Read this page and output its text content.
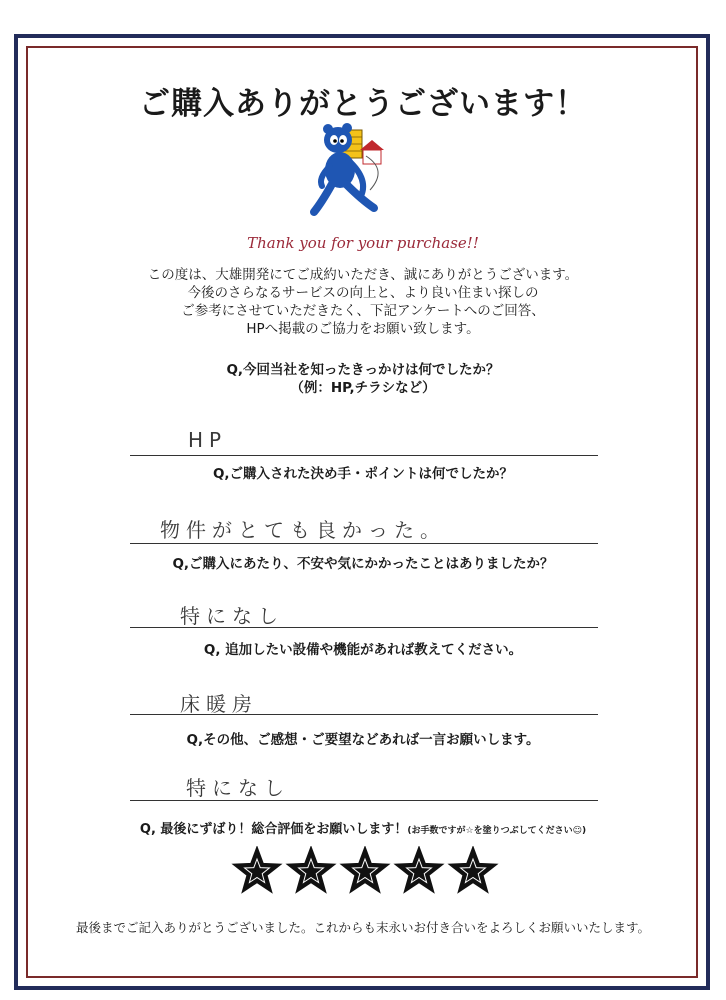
ご購入ありがとうございます！
Thank you for your purchase!!
この度は、大雄開発にてご成約いただき、誠にありがとうございます。
今後のさらなるサービスの向上と、より良い住まい探しの
ご参考にさせていただきたく、下記アンケートへのご回答、
HPへ掲載のご協力をお願い致します。
Q,今回当社を知ったきっかけは何でしたか？
（例：HP,チラシなど）
HP
Q,ご購入された決め手・ポイントは何でしたか？
物件がとても良かった。
Q,ご購入にあたり、不安や気にかかったことはありましたか？
特になし
Q, 追加したい設備や機能があれば教えてください。
床暖房
Q,その他、ご感想・ご要望などあれば一言お願いします。
特になし
Q, 最後にずばり！総合評価をお願いします！(お手数ですが☆を塗りつぶしてください☺)
最後までご記入ありがとうございました。これからも末永いお付き合いをよろしくお願いいたします。
